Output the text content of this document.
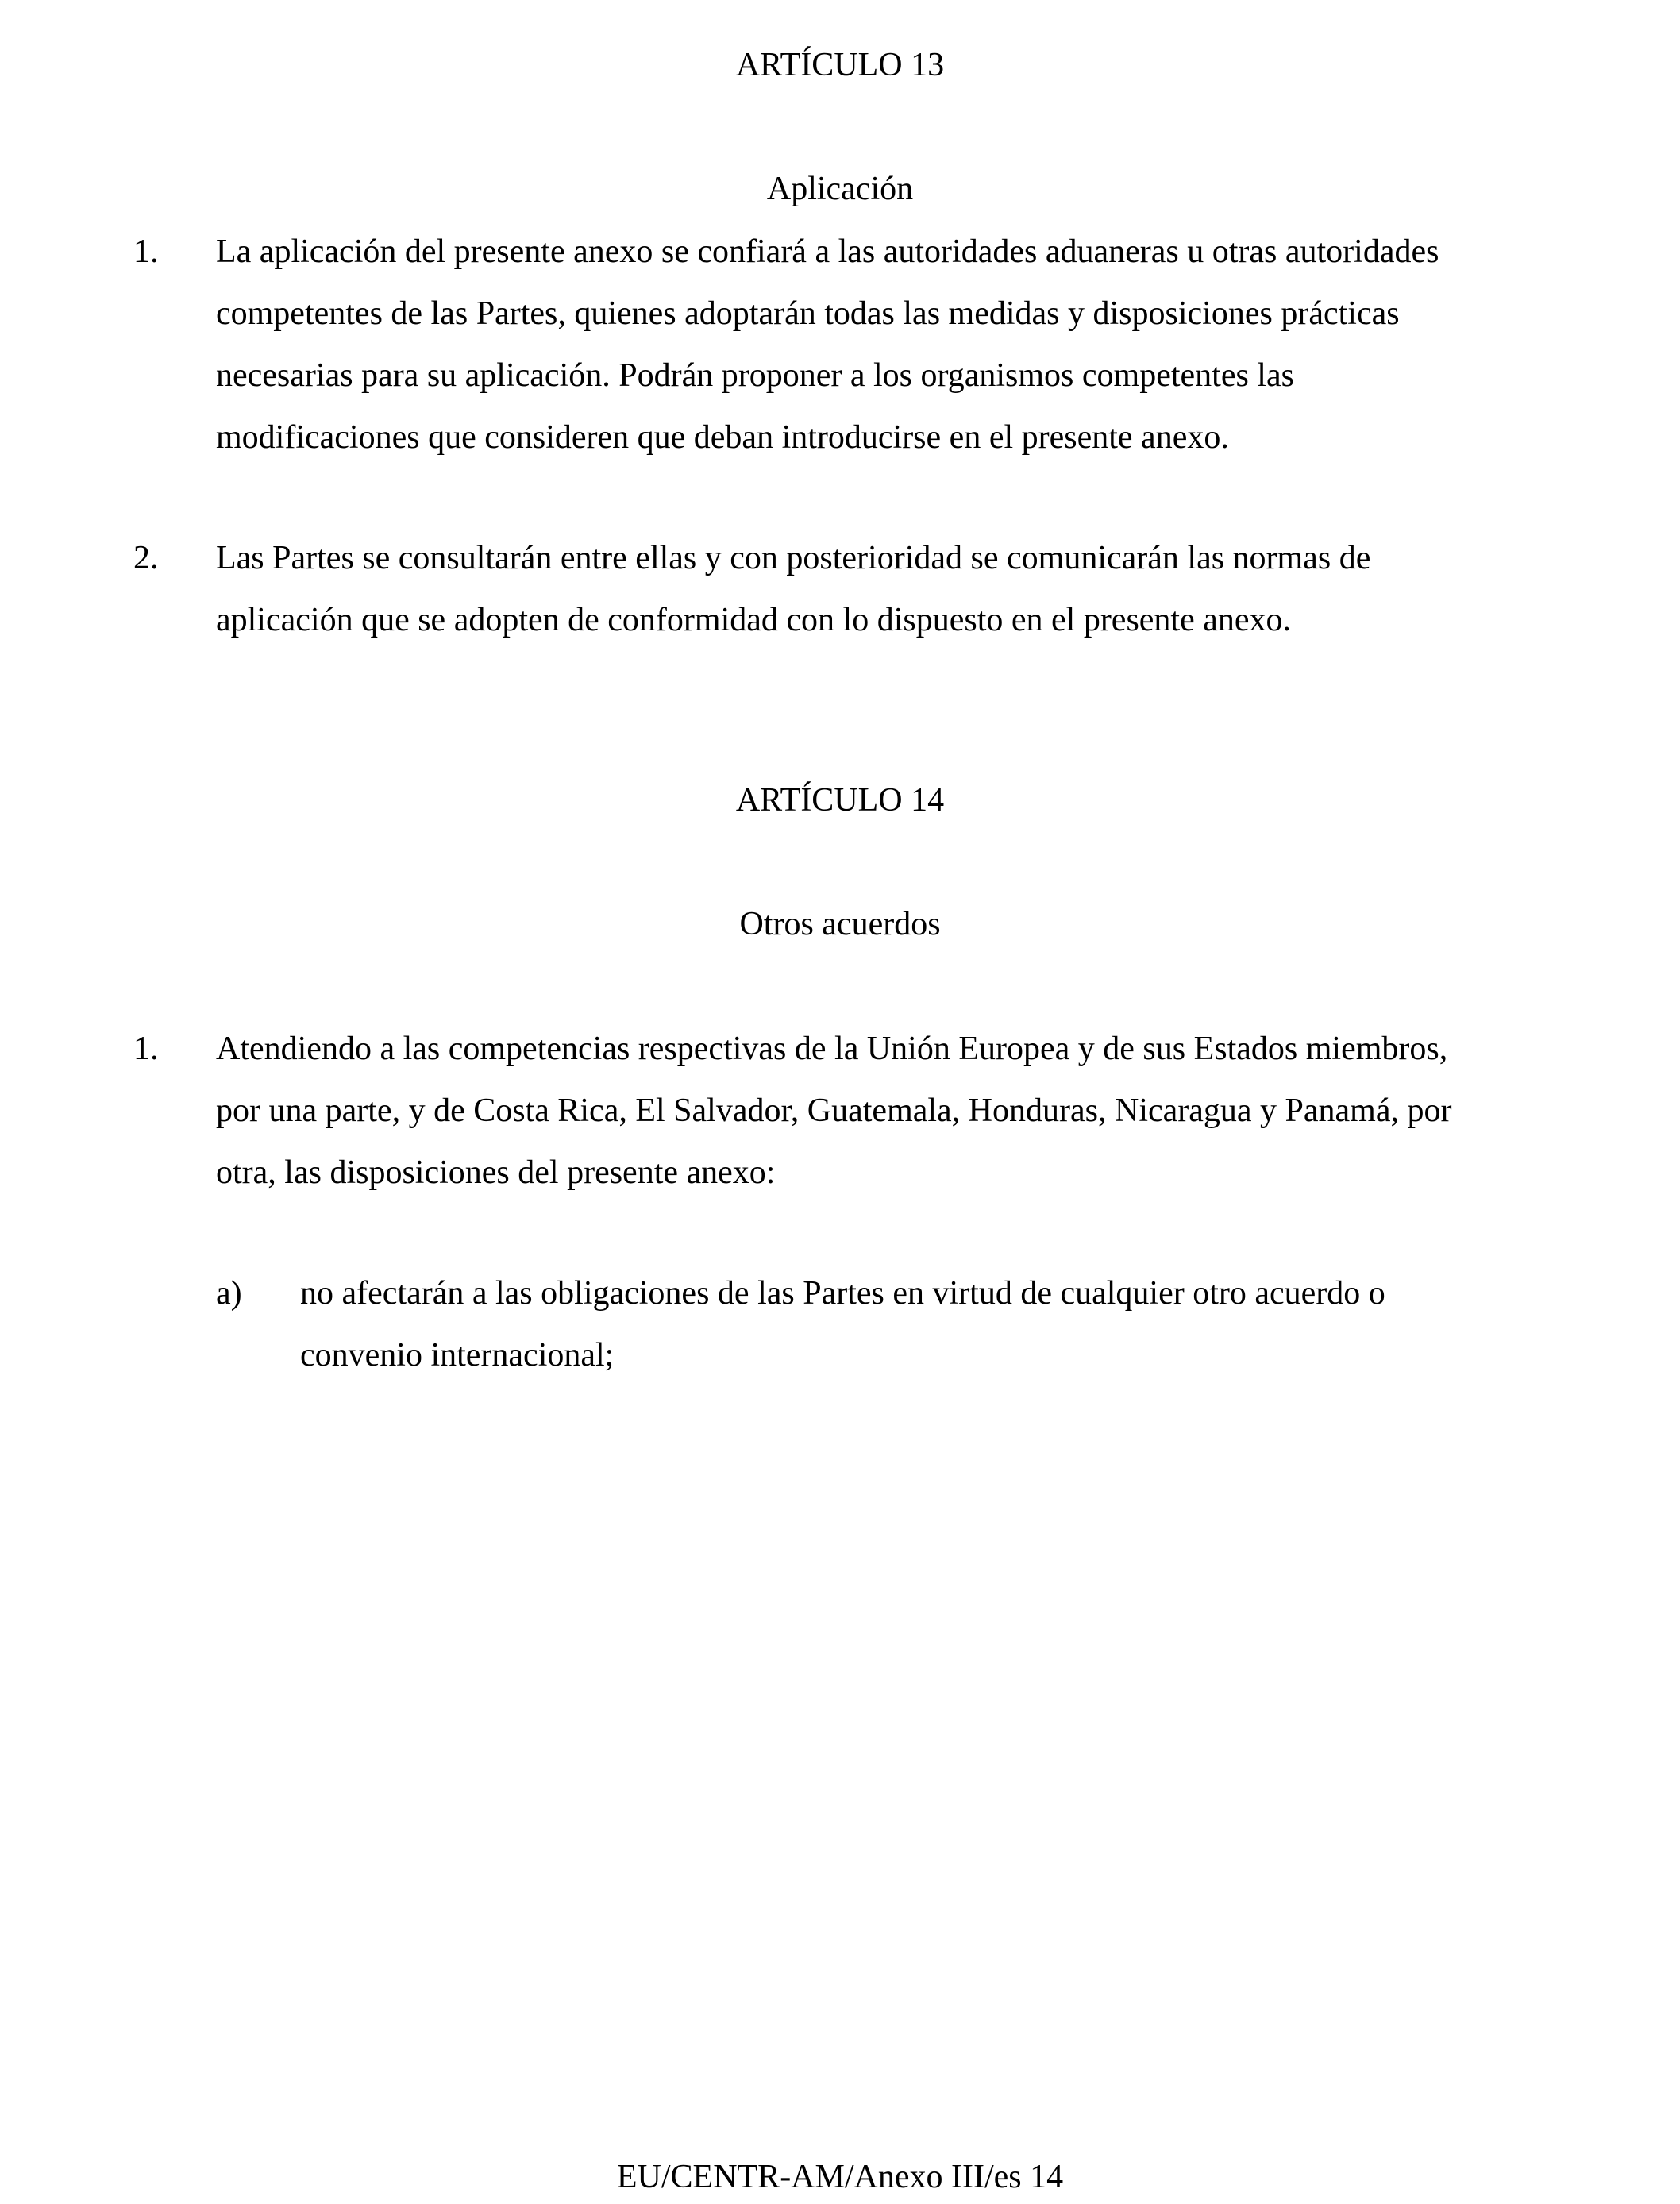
ARTÍCULO 13
Aplicación
1. La aplicación del presente anexo se confiará a las autoridades aduaneras u otras autoridades
competentes de las Partes, quienes adoptarán todas las medidas y disposiciones prácticas
necesarias para su aplicación. Podrán proponer a los organismos competentes las
modificaciones que consideren que deban introducirse en el presente anexo.
2. Las Partes se consultarán entre ellas y con posterioridad se comunicarán las normas de
aplicación que se adopten de conformidad con lo dispuesto en el presente anexo.
ARTÍCULO 14
Otros acuerdos
1. Atendiendo a las competencias respectivas de la Unión Europea y de sus Estados miembros,
por una parte, y de Costa Rica, El Salvador, Guatemala, Honduras, Nicaragua y Panamá, por
otra, las disposiciones del presente anexo:
a) no afectarán a las obligaciones de las Partes en virtud de cualquier otro acuerdo o
convenio internacional;
EU/CENTR-AM/Anexo III/es 14
